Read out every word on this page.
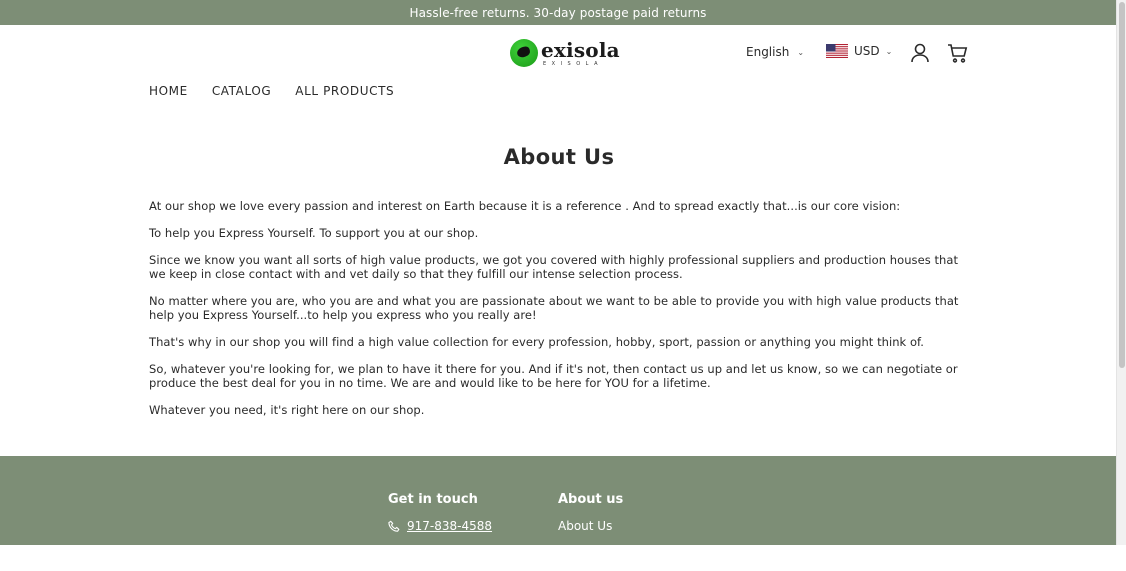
Hassle-free returns. 30-day postage paid returns
exisola
EXISOLA
English ⌄	USD ⌄
HOME CATALOG ALL PRODUCTS
About Us

At our shop we love every passion and interest on Earth because it is a reference . And to spread exactly that...is our core vision:

To help you Express Yourself. To support you at our shop.

Since we know you want all sorts of high value products, we got you covered with highly professional suppliers and production houses that we keep in close contact with and vet daily so that they fulfill our intense selection process.

No matter where you are, who you are and what you are passionate about we want to be able to provide you with high value products that help you Express Yourself...to help you express who you really are!

That's why in our shop you will find a high value collection for every profession, hobby, sport, passion or anything you might think of.

So, whatever you're looking for, we plan to have it there for you. And if it's not, then contact us up and let us know, so we can negotiate or produce the best deal for you in no time. We are and would like to be here for YOU for a lifetime.

Whatever you need, it's right here on our shop.

Get in touch
917-838-4588
About us
About Us
Returns & Refund
